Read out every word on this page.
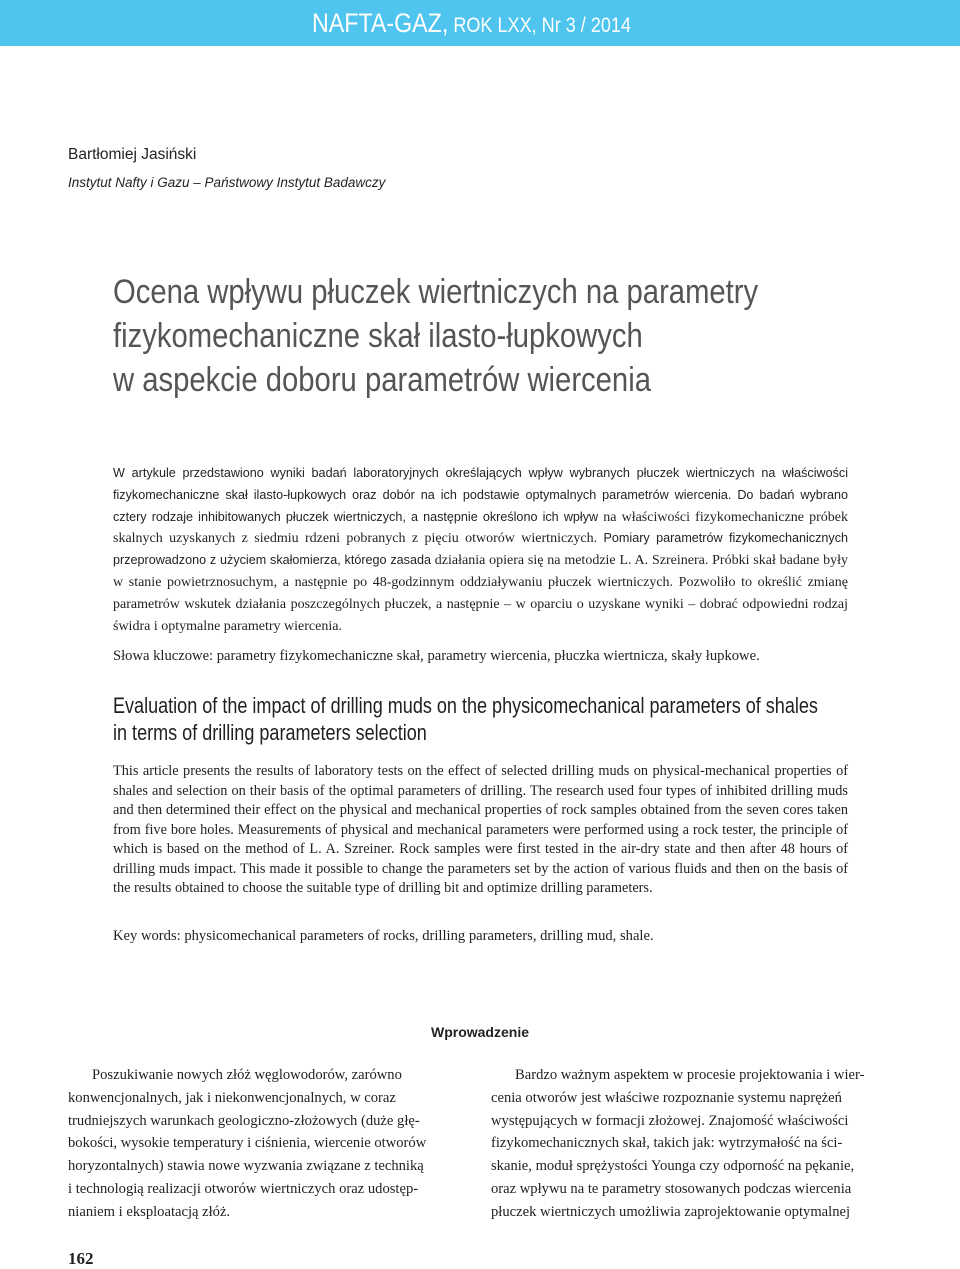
NAFTA-GAZ, ROK LXX, Nr 3 / 2014
Bartłomiej Jasiński
Instytut Nafty i Gazu – Państwowy Instytut Badawczy
Ocena wpływu płuczek wiertniczych na parametry
fizykomechaniczne skał ilasto-łupkowych
w aspekcie doboru parametrów wiercenia

W artykule przedstawiono wyniki badań laboratoryjnych określających wpływ wybranych płuczek wiertniczych na właściwości fizykomechaniczne skał ilasto-łupkowych oraz dobór na ich podstawie optymalnych parametrów wiercenia. Do badań wybrano cztery rodzaje inhibitowanych płuczek wiertniczych, a następnie określono ich wpływ na właściwości fizykomechaniczne próbek skalnych uzyskanych z siedmiu rdzeni pobranych z pięciu otworów wiertniczych. Pomiary parametrów fizykomechanicznych przeprowadzono z użyciem skałomierza, którego zasada działania opiera się na metodzie L. A. Szreinera. Próbki skał badane były w stanie powietrznosuchym, a następnie po 48-godzinnym oddziaływaniu płuczek wiertniczych. Pozwoliło to określić zmianę parametrów wskutek działania poszczególnych płuczek, a następnie – w oparciu o uzyskane wyniki – dobrać odpowiedni rodzaj świdra i optymalne parametry wiercenia.

Słowa kluczowe: parametry fizykomechaniczne skał, parametry wiercenia, płuczka wiertnicza, skały łupkowe.
Evaluation of the impact of drilling muds on the physicomechanical parameters of shales
in terms of drilling parameters selection

This article presents the results of laboratory tests on the effect of selected drilling muds on physical-mechanical properties of shales and selection on their basis of the optimal parameters of drilling. The research used four types of inhibited drilling muds and then determined their effect on the physical and mechanical properties of rock samples obtained from the seven cores taken from five bore holes. Measurements of physical and mechanical parameters were performed using a rock tester, the principle of which is based on the method of L. A. Szreiner. Rock samples were first tested in the air-dry state and then after 48 hours of drilling muds impact. This made it possible to change the parameters set by the action of various fluids and then on the basis of the results obtained to choose the suitable type of drilling bit and optimize drilling parameters.

Key words: physicomechanical parameters of rocks, drilling parameters, drilling mud, shale.
Wprowadzenie
Poszukiwanie nowych złóż węglowodorów, zarówno
konwencjonalnych, jak i niekonwencjonalnych, w coraz
trudniejszych warunkach geologiczno-złożowych (duże głę-
bokości, wysokie temperatury i ciśnienia, wiercenie otworów
horyzontalnych) stawia nowe wyzwania związane z techniką
i technologią realizacji otworów wiertniczych oraz udostęp-
nianiem i eksploatacją złóż.
Bardzo ważnym aspektem w procesie projektowania i wier-
cenia otworów jest właściwe rozpoznanie systemu naprężeń
występujących w formacji złożowej. Znajomość właściwości
fizykomechanicznych skał, takich jak: wytrzymałość na ści-
skanie, moduł sprężystości Younga czy odporność na pękanie,
oraz wpływu na te parametry stosowanych podczas wiercenia
płuczek wiertniczych umożliwia zaprojektowanie optymalnej
162
